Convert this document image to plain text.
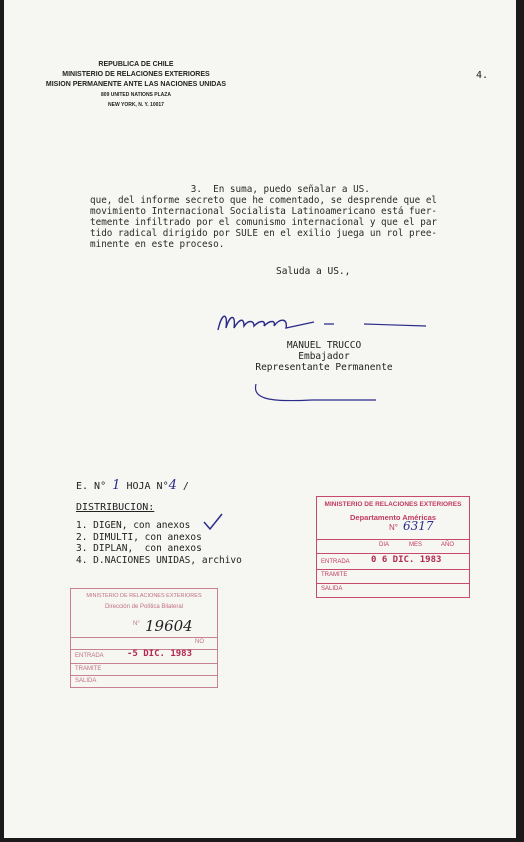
REPUBLICA DE CHILE
MINISTERIO DE RELACIONES EXTERIORES
MISION PERMANENTE ANTE LAS NACIONES UNIDAS
809 UNITED NATIONS PLAZA
NEW YORK, N. Y. 10017
4.
3.  En suma, puedo señalar a US.
que, del informe secreto que he comentado, se desprende que el
movimiento Internacional Socialista Latinoamericano está fuer-
temente infiltrado por el comunismo internacional y que el par
tido radical dirigido por SULE en el exilio juega un rol pree-
minente en este proceso.
Saluda a US.,
MANUEL TRUCCO
Embajador
Representante Permanente
E. N° 1 HOJA N°4 /
DISTRIBUCION:
1. DIGEN, con anexos
2. DIMULTI, con anexos
3. DIPLAN,  con anexos
4. D.NACIONES UNIDAS, archivo
MINISTERIO DE RELACIONES EXTERIORES
Departamento Américas
N° 6317
DIA	MES	AÑO
ENTRADA 0 6 DIC. 1983
TRAMITE
SALIDA
MINISTERIO DE RELACIONES EXTERIORES
Dirección de Política Bilateral
N° 19604
ÑO
ENTRADA	-5 DIC. 1983
TRAMITE
SALIDA
